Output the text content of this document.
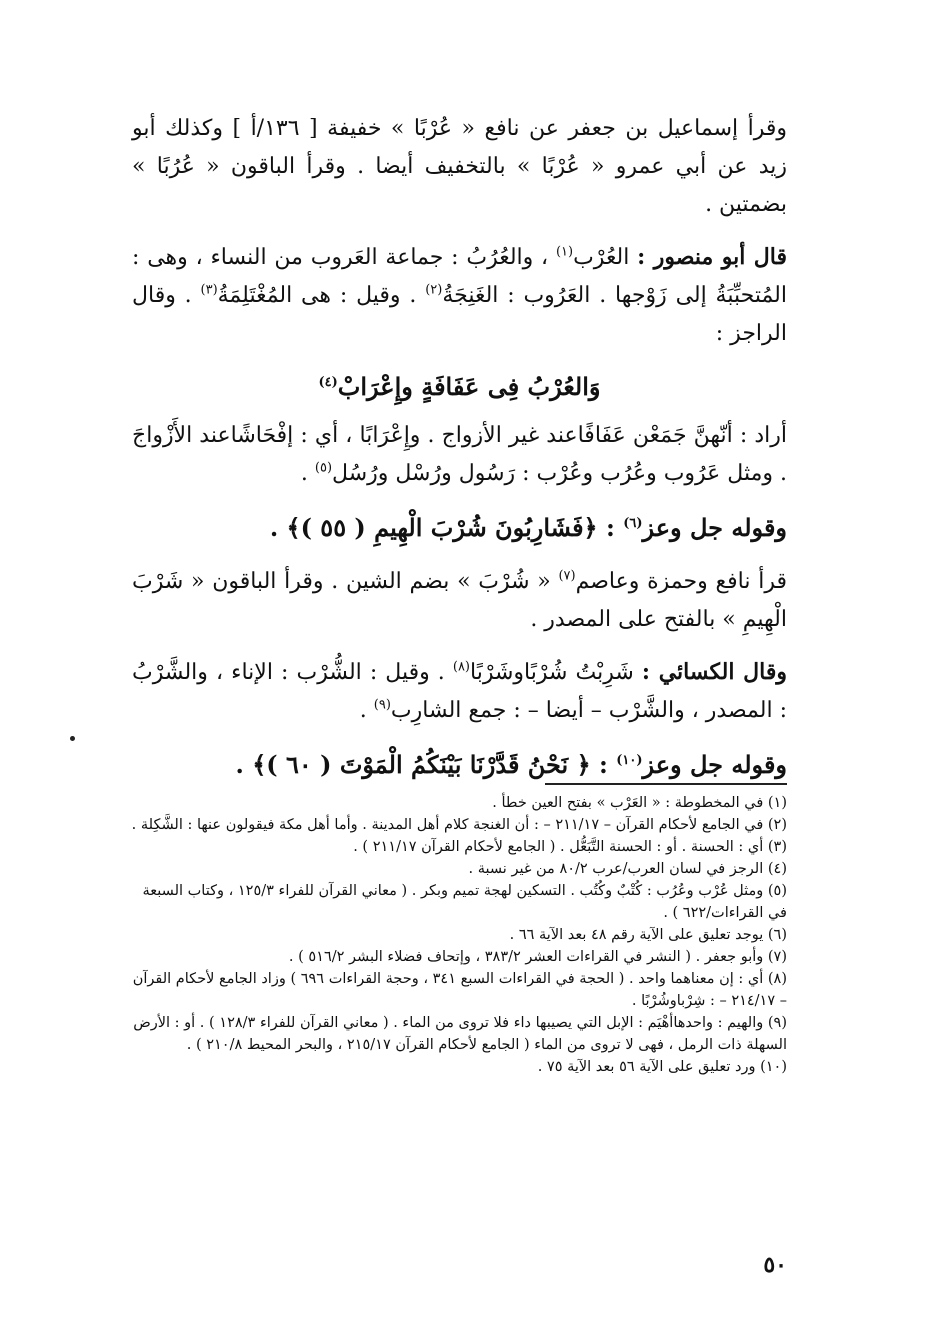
وقرأ إسماعيل بن جعفر عن نافع « عُرْبًا » خفيفة [ ١٣٦/أ ] وكذلك أبو زيد عن أبي عمرو « عُرْبًا » بالتخفيف أيضا . وقرأ الباقون « عُرُبًا » بضمتين .

قال أبو منصور : العُرْب$^{(١)}$ ، والعُرُبُ : جماعة العَروب من النساء ، وهى : المُتحبِّبَةُ إلى زَوْجها . العَرُوب : الغَنِجَةُ$^{(٢)}$ . وقيل : هى المُغْتَلِمَةُ$^{(٣)}$ . وقال الراجز :

وَالعُرْبُ فِى عَفَافَةٍ وإِعْرَابْ$^{(٤)}$

أراد : أنّهنَّ جَمَعْن عَفَافًاعند غير الأزواج . وإِعْرَابًا ، أي : إفْحَاشًاعند الأَزْواجَ . ومثل عَرُوب وعُرُب وعُرْب : رَسُول ورُسْل ورُسُل$^{(٥)}$ .

وقوله جل وعز$^{(٦)}$ : ﴿فَشَارِبُونَ شُرْبَ الْهِيمِ ( ٥٥ )﴾ .

قرأ نافع وحمزة وعاصم$^{(٧)}$ « شُرْبَ » بضم الشين . وقرأ الباقون « شَرْبَ الْهِيمِ » بالفتح على المصدر .

وقال الكسائي : شَرِبْتُ شُرْبًاوشَرْبًا$^{(٨)}$ . وقيل : الشُّرْب : الإناء ، والشَّرْبُ : المصدر ، والشَّرْب – أيضا – : جمع الشارِب$^{(٩)}$ .

وقوله جل وعز$^{(١٠)}$ : ﴿ نَحْنُ قَدَّرْنَا بَيْنَكُمُ الْمَوْتَ ( ٦٠ )﴾ .

(١) في المخطوطة : « العَرْب » بفتح العين خطأ .

(٢) في الجامع لأحكام القرآن – ٢١١/١٧ – : أن الغنجة كلام أهل المدينة . وأما أهل مكة فيقولون عنها : الشَّكِلة .

(٣) أي : الحسنة . أو : الحسنة التَّبَعُّل . ( الجامع لأحكام القرآن ٢١١/١٧ ) .

(٤) الرجز في لسان العرب/عرب ٨٠/٢ من غير نسبة .

(٥) ومثل عُرْب وعُرُب : كُتْبٌ وكُتُب . التسكين لهجة تميم وبكر . ( معاني القرآن للفراء ١٢٥/٣ ، وكتاب السبعة في القراءات/٦٢٢ ) .

(٦) يوجد تعليق على الآية رقم ٤٨ بعد الآية ٦٦ .

(٧) وأبو جعفر . ( النشر في القراءات العشر ٣٨٣/٢ ، وإتحاف فضلاء البشر ٥١٦/٢ ) .

(٨) أي : إن معناهما واحد . ( الحجة في القراءات السبع ٣٤١ ، وحجة القراءات ٦٩٦ ) وزاد الجامع لأحكام القرآن – ٢١٤/١٧ – : شِرْباوشُرْبًا .

(٩) والهيم : واحدهاأهْيَم : الإبل التي يصيبها داء فلا تروى من الماء . ( معاني القرآن للفراء ١٢٨/٣ ) . أو : الأرض السهلة ذات الرمل ، فهى لا تروى من الماء ( الجامع لأحكام القرآن ٢١٥/١٧ ، والبحر المحيط ٢١٠/٨ ) .

(١٠) ورد تعليق على الآية ٥٦ بعد الآية ٧٥ .

٥٠
